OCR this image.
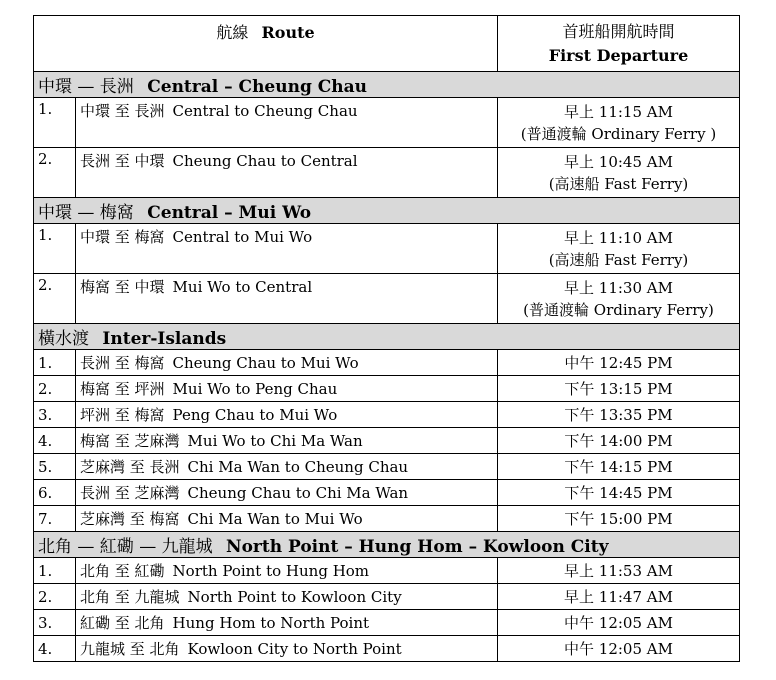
航線 Route		首班船開航時間
First Departure

中環 — 長洲 Central – Cheung Chau		
1.	中環 至 長洲 Central to Cheung Chau	早上 11:15 AM
(普通渡輪 Ordinary Ferry )

2.	長洲 至 中環 Cheung Chau to Central	早上 10:45 AM
(高速船 Fast Ferry)

中環 — 梅窩 Central – Mui Wo		
1.	中環 至 梅窩 Central to Mui Wo	早上 11:10 AM
(高速船 Fast Ferry)

2.	梅窩 至 中環 Mui Wo to Central	早上 11:30 AM
(普通渡輪 Ordinary Ferry)

橫水渡 Inter-Islands		
1.	長洲 至 梅窩 Cheung Chau to Mui Wo	中午 12:45 PM
2.	梅窩 至 坪洲 Mui Wo to Peng Chau	下午 13:15 PM
3.	坪洲 至 梅窩 Peng Chau to Mui Wo	下午 13:35 PM
4.	梅窩 至 芝麻灣 Mui Wo to Chi Ma Wan	下午 14:00 PM
5.	芝麻灣 至 長洲 Chi Ma Wan to Cheung Chau	下午 14:15 PM
6.	長洲 至 芝麻灣 Cheung Chau to Chi Ma Wan	下午 14:45 PM
7.	芝麻灣 至 梅窩 Chi Ma Wan to Mui Wo	下午 15:00 PM
北角 — 紅磡 — 九龍城 North Point – Hung Hom – Kowloon City		
1.	北角 至 紅磡 North Point to Hung Hom	早上 11:53 AM
2.	北角 至 九龍城 North Point to Kowloon City	早上 11:47 AM
3.	紅磡 至 北角 Hung Hom to North Point	中午 12:05 AM
4.	九龍城 至 北角 Kowloon City to North Point	中午 12:05 AM
